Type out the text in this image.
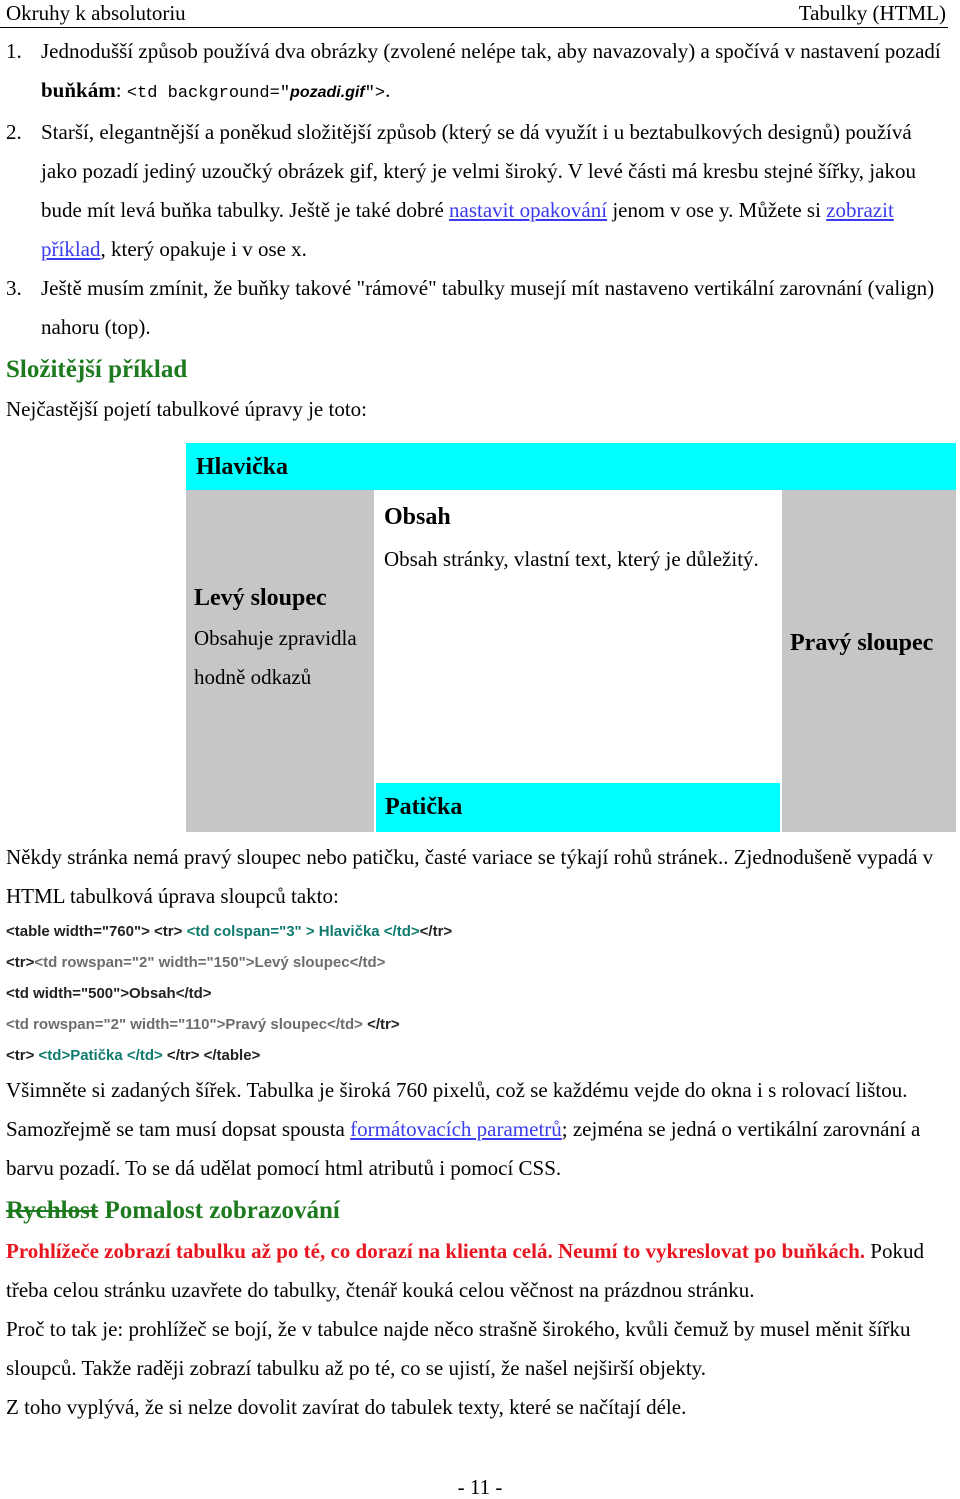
Okruhy k absolutoriu	Tabulky (HTML)
1. Jednodušší způsob používá dva obrázky (zvolené nelépe tak, aby navazovaly) a spočívá v nastavení pozadí buňkám: <td background="pozadi.gif">.
2. Starší, elegantnější a poněkud složitější způsob (který se dá využít i u beztabulkových designů) používá jako pozadí jediný uzoučký obrázek gif, který je velmi široký. V levé části má kresbu stejné šířky, jakou bude mít levá buňka tabulky. Ještě je také dobré nastavit opakování jenom v ose y. Můžete si zobrazit příklad, který opakuje i v ose x.
3. Ještě musím zmínit, že buňky takové "rámové" tabulky musejí mít nastaveno vertikální zarovnání (valign) nahoru (top).
Složitější příklad

Nejčastější pojetí tabulkové úpravy je toto:

Hlavička
Levý sloupec
Obsahuje zpravidla hodně odkazů
Obsah
Obsah stránky, vlastní text, který je důležitý.
Patička
Pravý sloupec

Někdy stránka nemá pravý sloupec nebo patičku, časté variace se týkají rohů stránek.. Zjednodušeně vypadá v HTML tabulková úprava sloupců takto:

<table width="760"> <tr> <td colspan="3" > Hlavička </td></tr>
<tr><td rowspan="2" width="150">Levý sloupec</td>
<td width="500">Obsah</td>
<td rowspan="2" width="110">Pravý sloupec</td> </tr>
<tr> <td>Patička </td> </tr> </table>

Všimněte si zadaných šířek. Tabulka je široká 760 pixelů, což se každému vejde do okna i s rolovací lištou. Samozřejmě se tam musí dopsat spousta formátovacích parametrů; zejména se jedná o vertikální zarovnání a barvu pozadí. To se dá udělat pomocí html atributů i pomocí CSS.

Rychlost Pomalost zobrazování

Prohlížeče zobrazí tabulku až po té, co dorazí na klienta celá. Neumí to vykreslovat po buňkách. Pokud třeba celou stránku uzavřete do tabulky, čtenář kouká celou věčnost na prázdnou stránku.

Proč to tak je: prohlížeč se bojí, že v tabulce najde něco strašně širokého, kvůli čemuž by musel měnit šířku sloupců. Takže raději zobrazí tabulku až po té, co se ujistí, že našel nejširší objekty.

Z toho vyplývá, že si nelze dovolit zavírat do tabulek texty, které se načítají déle.

- 11 -
